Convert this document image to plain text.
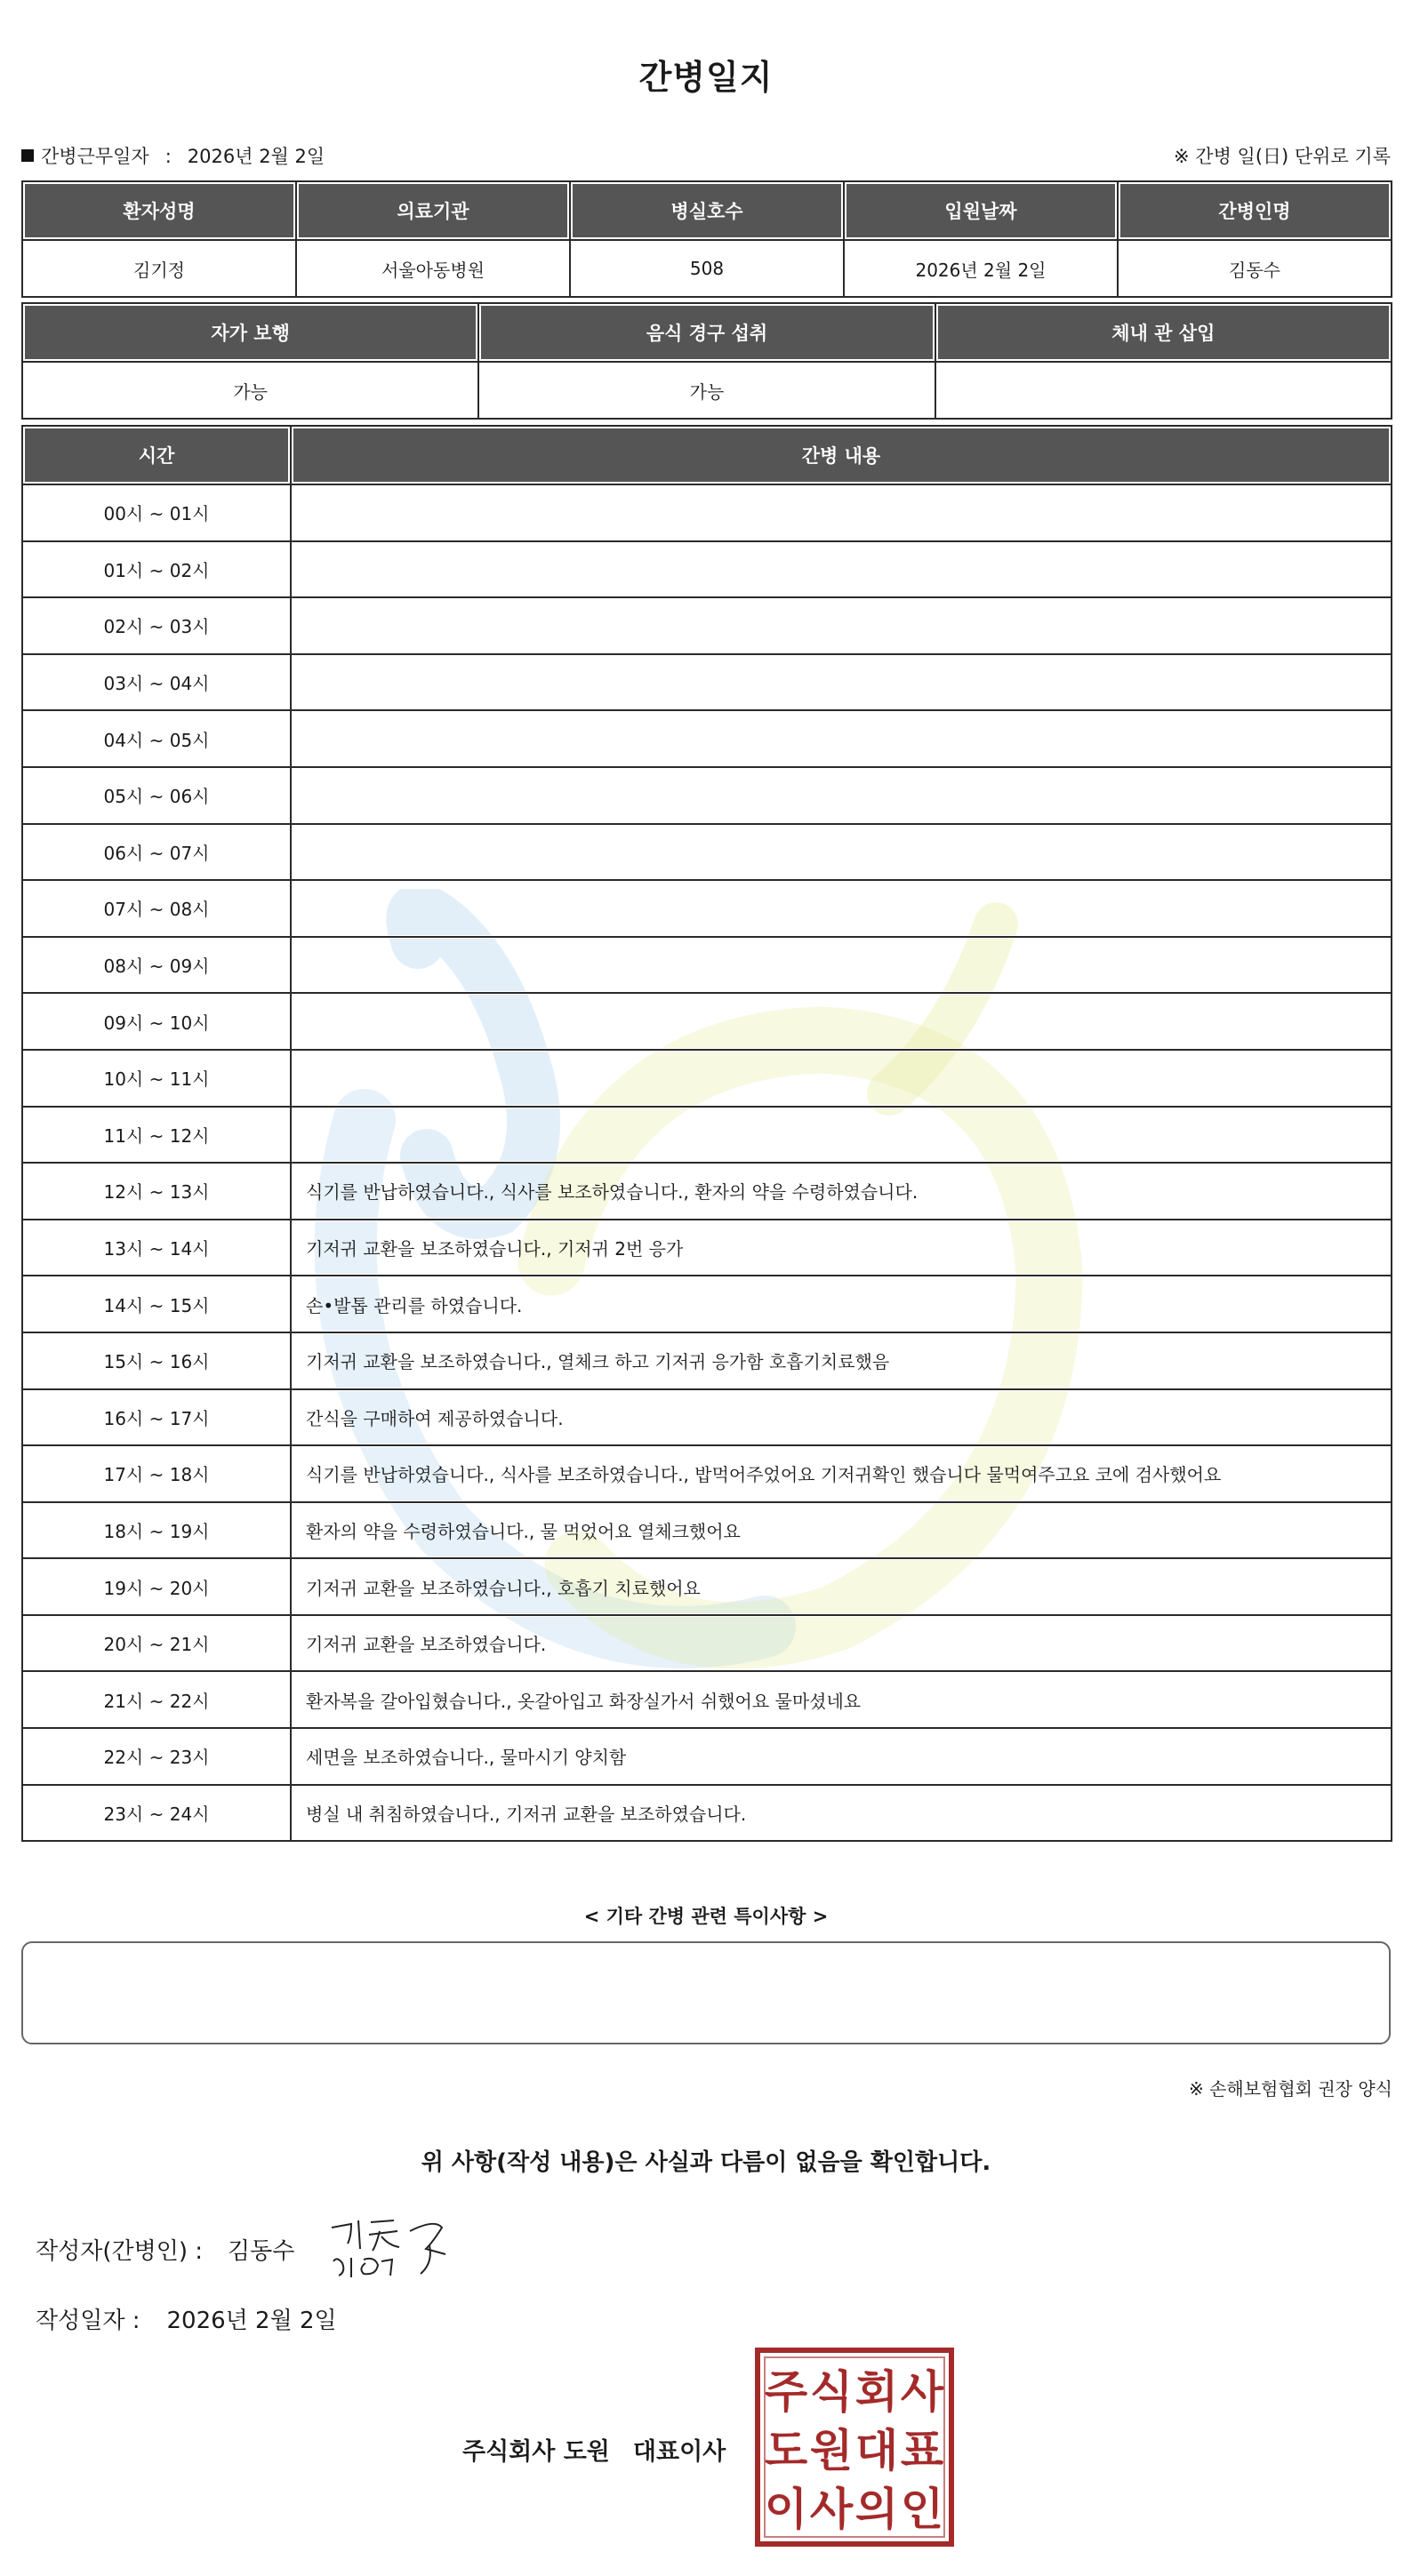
간병일지
간병근무일자 : 2026년 2월 2일	※ 간병 일(日) 단위로 기록
환자성명	의료기관	병실호수	입원날짜	간병인명
김기정	서울아동병원	508	2026년 2월 2일	김동수
자가 보행	음식 경구 섭취	체내 관 삽입
가능	가능	
시간	간병 내용
00시 ~ 01시	
01시 ~ 02시	
02시 ~ 03시	
03시 ~ 04시	
04시 ~ 05시	
05시 ~ 06시	
06시 ~ 07시	
07시 ~ 08시	
08시 ~ 09시	
09시 ~ 10시	
10시 ~ 11시	
11시 ~ 12시	
12시 ~ 13시	식기를 반납하였습니다., 식사를 보조하였습니다., 환자의 약을 수령하였습니다.
13시 ~ 14시	기저귀 교환을 보조하였습니다., 기저귀 2번 응가
14시 ~ 15시	손•발톱 관리를 하였습니다.
15시 ~ 16시	기저귀 교환을 보조하였습니다., 열체크 하고 기저귀 응가함 호흡기치료했음
16시 ~ 17시	간식을 구매하여 제공하였습니다.
17시 ~ 18시	식기를 반납하였습니다., 식사를 보조하였습니다., 밥먹어주었어요 기저귀확인 했습니다 물먹여주고요 코에 검사했어요
18시 ~ 19시	환자의 약을 수령하였습니다., 물 먹었어요 열체크했어요
19시 ~ 20시	기저귀 교환을 보조하였습니다., 호흡기 치료했어요
20시 ~ 21시	기저귀 교환을 보조하였습니다.
21시 ~ 22시	환자복을 갈아입혔습니다., 옷갈아입고 화장실가서 쉬했어요 물마셨네요
22시 ~ 23시	세면을 보조하였습니다., 물마시기 양치함
23시 ~ 24시	병실 내 취침하였습니다., 기저귀 교환을 보조하였습니다.
< 기타 간병 관련 특이사항 >
※ 손해보험협회 권장 양식
위 사항(작성 내용)은 사실과 다름이 없음을 확인합니다.
작성자(간병인) : 김동수
작성일자 : 2026년 2월 2일
주식회사 도원 대표이사
주 식 회 사
도 원 대 표
이 사 의 인
